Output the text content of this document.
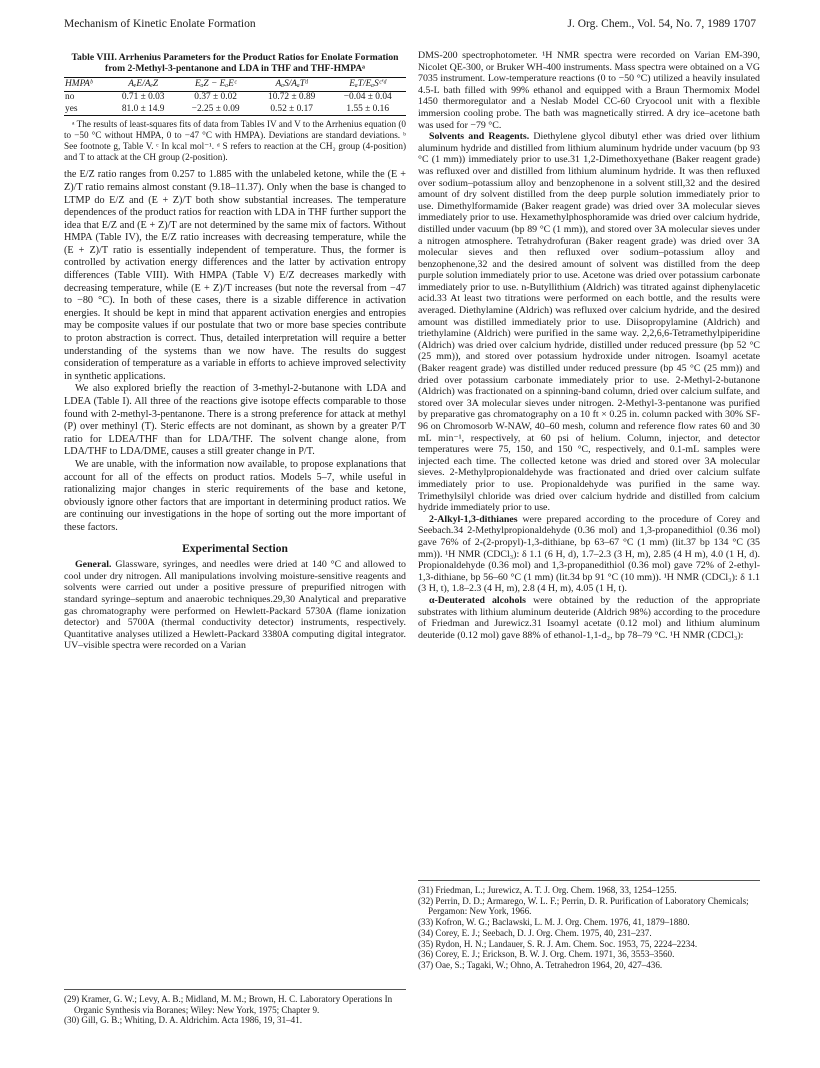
Mechanism of Kinetic Enolate Formation	J. Org. Chem., Vol. 54, No. 7, 1989 1707
Table VIII. Arrhenius Parameters for the Product Ratios for Enolate Formation from 2-Methyl-3-pentanone and LDA in THF and THF-HMPAᵃ
HMPAᵇ	AₑE/AₑZ	EₐZ − EₐEᶜ	AₐS/AₐTᵈ	EₐT/EₐSᶜ′ᵈ
no	0.71 ± 0.03	0.37 ± 0.02	10.72 ± 0.89	−0.04 ± 0.04
yes	81.0 ± 14.9	−2.25 ± 0.09	0.52 ± 0.17	1.55 ± 0.16

ᵃ The results of least-squares fits of data from Tables IV and V to the Arrhenius equation (0 to −50 °C without HMPA, 0 to −47 °C with HMPA). Deviations are standard deviations. ᵇ See footnote g, Table V. ᶜ In kcal mol⁻¹. ᵈ S refers to reaction at the CH₂ group (4-position) and T to attack at the CH group (2-position).

the E/Z ratio ranges from 0.257 to 1.885 with the unlabeled ketone, while the (E + Z)/T ratio remains almost constant (9.18–11.37). Only when the base is changed to LTMP do E/Z and (E + Z)/T both show substantial increases. The temperature dependences of the product ratios for reaction with LDA in THF further support the idea that E/Z and (E + Z)/T are not determined by the same mix of factors. Without HMPA (Table IV), the E/Z ratio increases with decreasing temperature, while the (E + Z)/T ratio is essentially independent of temperature. Thus, the former is controlled by activation energy differences and the latter by activation entropy differences (Table VIII). With HMPA (Table V) E/Z decreases markedly with decreasing temperature, while (E + Z)/T increases (but note the reversal from −47 to −80 °C). In both of these cases, there is a sizable difference in activation energies. It should be kept in mind that apparent activation energies and entropies may be composite values if our postulate that two or more base species contribute to proton abstraction is correct. Thus, detailed interpretation will require a better understanding of the systems than we now have. The results do suggest consideration of temperature as a variable in efforts to achieve improved selectivity in synthetic applications.

We also explored briefly the reaction of 3-methyl-2-butanone with LDA and LDEA (Table I). All three of the reactions give isotope effects comparable to those found with 2-methyl-3-pentanone. There is a strong preference for attack at methyl (P) over methinyl (T). Steric effects are not dominant, as shown by a greater P/T ratio for LDEA/THF than for LDA/THF. The solvent change alone, from LDA/THF to LDA/DME, causes a still greater change in P/T.

We are unable, with the information now available, to propose explanations that account for all of the effects on product ratios. Models 5–7, while useful in rationalizing major changes in steric requirements of the base and ketone, obviously ignore other factors that are important in determining product ratios. We are continuing our investigations in the hope of sorting out the more important of these factors.

Experimental Section

General. Glassware, syringes, and needles were dried at 140 °C and allowed to cool under dry nitrogen. All manipulations involving moisture-sensitive reagents and solvents were carried out under a positive pressure of prepurified nitrogen with standard syringe–septum and anaerobic techniques.29,30 Analytical and preparative gas chromatography were performed on Hewlett-Packard 5730A (flame ionization detector) and 5700A (thermal conductivity detector) instruments, respectively. Quantitative analyses utilized a Hewlett-Packard 3380A computing digital integrator. UV–visible spectra were recorded on a Varian

(29) Kramer, G. W.; Levy, A. B.; Midland, M. M.; Brown, H. C. Laboratory Operations In Organic Synthesis via Boranes; Wiley: New York, 1975; Chapter 9.

(30) Gill, G. B.; Whiting, D. A. Aldrichim. Acta 1986, 19, 31–41.

DMS-200 spectrophotometer. ¹H NMR spectra were recorded on Varian EM-390, Nicolet QE-300, or Bruker WH-400 instruments. Mass spectra were obtained on a VG 7035 instrument. Low-temperature reactions (0 to −50 °C) utilized a heavily insulated 4.5-L bath filled with 99% ethanol and equipped with a Braun Thermomix Model 1450 thermoregulator and a Neslab Model CC-60 Cryocool unit with a flexible immersion cooling probe. The bath was magnetically stirred. A dry ice–acetone bath was used for −79 °C.

Solvents and Reagents. Diethylene glycol dibutyl ether was dried over lithium aluminum hydride and distilled from lithium aluminum hydride under vacuum (bp 93 °C (1 mm)) immediately prior to use.31 1,2-Dimethoxyethane (Baker reagent grade) was refluxed over and distilled from lithium aluminum hydride. It was then refluxed over sodium–potassium alloy and benzophenone in a solvent still,32 and the desired amount of dry solvent distilled from the deep purple solution immediately prior to use. Dimethylformamide (Baker reagent grade) was dried over 3A molecular sieves immediately prior to use. Hexamethylphosphoramide was dried over calcium hydride, distilled under vacuum (bp 89 °C (1 mm)), and stored over 3A molecular sieves under a nitrogen atmosphere. Tetrahydrofuran (Baker reagent grade) was dried over 3A molecular sieves and then refluxed over sodium–potassium alloy and benzophenone,32 and the desired amount of solvent was distilled from the deep purple solution immediately prior to use. Acetone was dried over potassium carbonate immediately prior to use. n-Butyllithium (Aldrich) was titrated against diphenylacetic acid.33 At least two titrations were performed on each bottle, and the results were averaged. Diethylamine (Aldrich) was refluxed over calcium hydride, and the desired amount was distilled immediately prior to use. Diisopropylamine (Aldrich) and triethylamine (Aldrich) were purified in the same way. 2,2,6,6-Tetramethylpiperidine (Aldrich) was dried over calcium hydride, distilled under reduced pressure (bp 52 °C (25 mm)), and stored over potassium hydroxide under nitrogen. Isoamyl acetate (Baker reagent grade) was distilled under reduced pressure (bp 45 °C (25 mm)) and dried over potassium carbonate immediately prior to use. 2-Methyl-2-butanone (Aldrich) was fractionated on a spinning-band column, dried over calcium sulfate, and stored over 3A molecular sieves under nitrogen. 2-Methyl-3-pentanone was purified by preparative gas chromatography on a 10 ft × 0.25 in. column packed with 30% SF-96 on Chromosorb W-NAW, 40–60 mesh, column and reference flow rates 60 and 30 mL min⁻¹, respectively, at 60 psi of helium. Column, injector, and detector temperatures were 75, 150, and 150 °C, respectively, and 0.1-mL samples were injected each time. The collected ketone was dried and stored over 3A molecular sieves. 2-Methylpropionaldehyde was fractionated and dried over calcium sulfate immediately prior to use. Propionaldehyde was purified in the same way. Trimethylsilyl chloride was dried over calcium hydride and distilled from calcium hydride immediately prior to use.

2-Alkyl-1,3-dithianes were prepared according to the procedure of Corey and Seebach.34 2-Methylpropionaldehyde (0.36 mol) and 1,3-propanedithiol (0.36 mol) gave 76% of 2-(2-propyl)-1,3-dithiane, bp 63–67 °C (1 mm) (lit.37 bp 134 °C (35 mm)). ¹H NMR (CDCl₃): δ 1.1 (6 H, d), 1.7–2.3 (3 H, m), 2.85 (4 H m), 4.0 (1 H, d). Propionaldehyde (0.36 mol) and 1,3-propanedithiol (0.36 mol) gave 72% of 2-ethyl-1,3-dithiane, bp 56–60 °C (1 mm) (lit.34 bp 91 °C (10 mm)). ¹H NMR (CDCl₃): δ 1.1 (3 H, t), 1.8–2.3 (4 H, m), 2.8 (4 H, m), 4.05 (1 H, t).

α-Deuterated alcohols were obtained by the reduction of the appropriate substrates with lithium aluminum deuteride (Aldrich 98%) according to the procedure of Friedman and Jurewicz.31 Isoamyl acetate (0.12 mol) and lithium aluminum deuteride (0.12 mol) gave 88% of ethanol-1,1-d₂, bp 78–79 °C. ¹H NMR (CDCl₃):

(31) Friedman, L.; Jurewicz, A. T. J. Org. Chem. 1968, 33, 1254–1255.

(32) Perrin, D. D.; Armarego, W. L. F.; Perrin, D. R. Purification of Laboratory Chemicals; Pergamon: New York, 1966.

(33) Kofron, W. G.; Baclawski, L. M. J. Org. Chem. 1976, 41, 1879–1880.

(34) Corey, E. J.; Seebach, D. J. Org. Chem. 1975, 40, 231–237.

(35) Rydon, H. N.; Landauer, S. R. J. Am. Chem. Soc. 1953, 75, 2224–2234.

(36) Corey, E. J.; Erickson, B. W. J. Org. Chem. 1971, 36, 3553–3560.

(37) Oae, S.; Tagaki, W.; Ohno, A. Tetrahedron 1964, 20, 427–436.
